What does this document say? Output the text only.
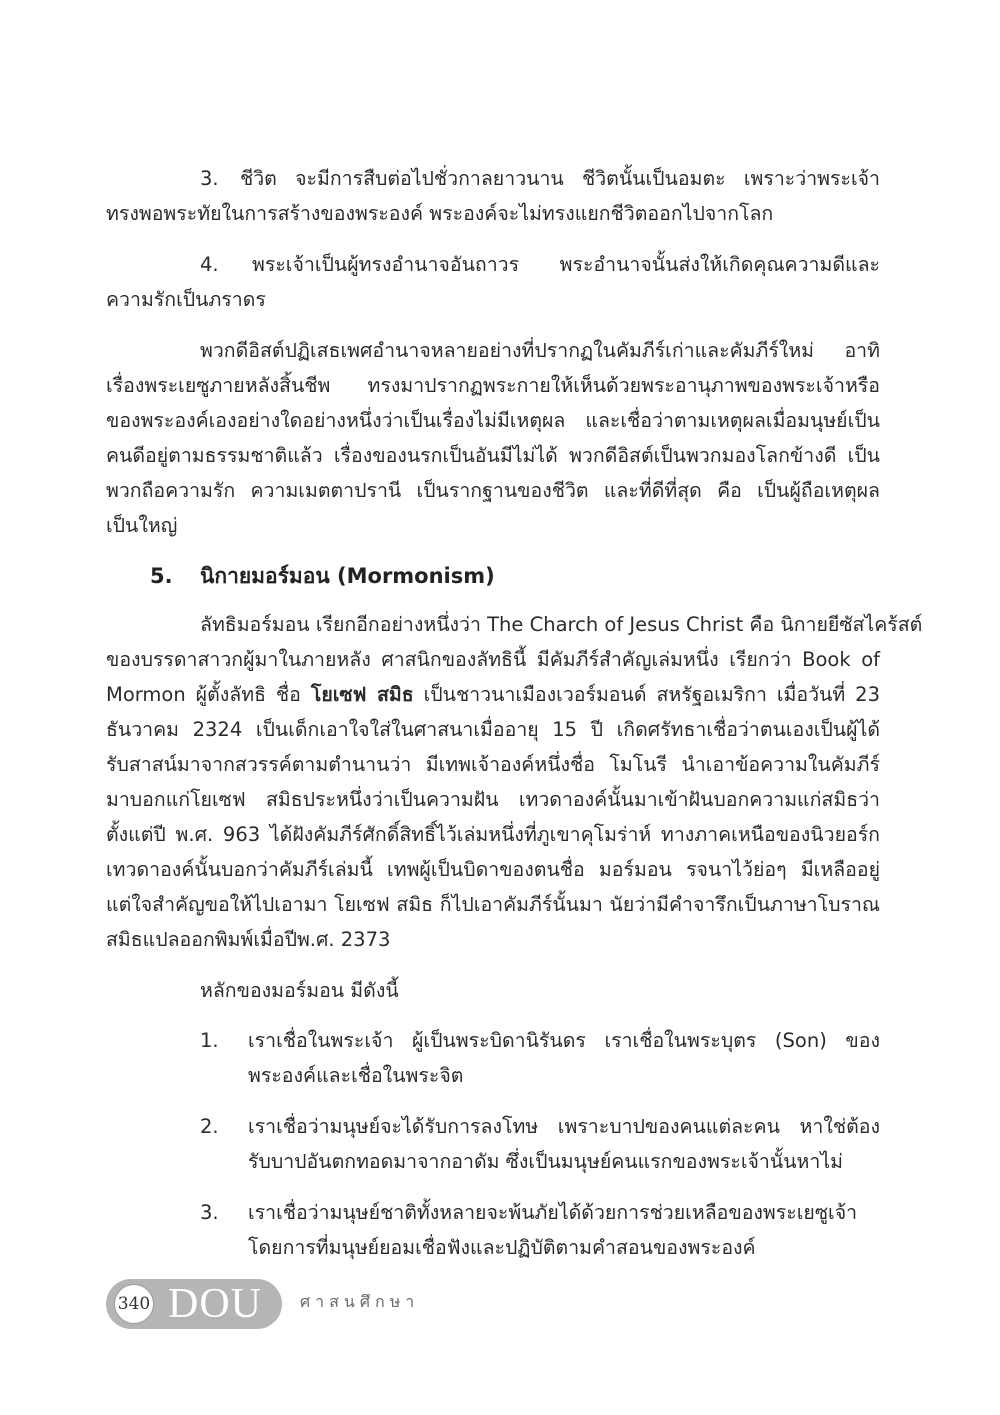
3. ชีวิต จะมีการสืบต่อไปชั่วกาลยาวนาน ชีวิตนั้นเป็นอมตะ เพราะว่าพระเจ้า
ทรงพอพระทัยในการสร้างของพระองค์ พระองค์จะไม่ทรงแยกชีวิตออกไปจากโลก
4. พระเจ้าเป็นผู้ทรงอำนาจอันถาวร พระอำนาจนั้นส่งให้เกิดคุณความดีและ
ความรักเป็นภราดร
พวกดีอิสต์ปฏิเสธเพศอำนาจหลายอย่างที่ปรากฏในคัมภีร์เก่าและคัมภีร์ใหม่ อาทิ
เรื่องพระเยซูภายหลังสิ้นชีพ ทรงมาปรากฏพระกายให้เห็นด้วยพระอานุภาพของพระเจ้าหรือ
ของพระองค์เองอย่างใดอย่างหนึ่งว่าเป็นเรื่องไม่มีเหตุผล และเชื่อว่าตามเหตุผลเมื่อมนุษย์เป็น
คนดีอยู่ตามธรรมชาติแล้ว เรื่องของนรกเป็นอันมีไม่ได้ พวกดีอิสต์เป็นพวกมองโลกข้างดี เป็น
พวกถือความรัก ความเมตตาปรานี เป็นรากฐานของชีวิต และที่ดีที่สุด คือ เป็นผู้ถือเหตุผล
เป็นใหญ่
5. นิกายมอร์มอน (Mormonism)
ลัทธิมอร์มอน เรียกอีกอย่างหนึ่งว่า The Charch of Jesus Christ คือ นิกายยีซัสไคร้สต์
ของบรรดาสาวกผู้มาในภายหลัง ศาสนิกของลัทธินี้ มีคัมภีร์สำคัญเล่มหนึ่ง เรียกว่า Book of
Mormon ผู้ตั้งลัทธิ ชื่อ โยเซฟ สมิธ เป็นชาวนาเมืองเวอร์มอนด์ สหรัฐอเมริกา เมื่อวันที่ 23
ธันวาคม 2324 เป็นเด็กเอาใจใส่ในศาสนาเมื่ออายุ 15 ปี เกิดศรัทธาเชื่อว่าตนเองเป็นผู้ได้
รับสาสน์มาจากสวรรค์ตามตำนานว่า มีเทพเจ้าองค์หนึ่งชื่อ โมโนรี นำเอาข้อความในคัมภีร์
มาบอกแก่โยเซฟ สมิธประหนึ่งว่าเป็นความฝัน เทวดาองค์นั้นมาเข้าฝันบอกความแก่สมิธว่า
ตั้งแต่ปี พ.ศ. 963 ได้ฝังคัมภีร์ศักดิ์สิทธิ์ไว้เล่มหนึ่งที่ภูเขาคุโมร่าห์ ทางภาคเหนือของนิวยอร์ก
เทวดาองค์นั้นบอกว่าคัมภีร์เล่มนี้ เทพผู้เป็นบิดาของตนชื่อ มอร์มอน รจนาไว้ย่อๆ มีเหลืออยู่
แต่ใจสำคัญขอให้ไปเอามา โยเซฟ สมิธ ก็ไปเอาคัมภีร์นั้นมา นัยว่ามีคำจารึกเป็นภาษาโบราณ
สมิธแปลออกพิมพ์เมื่อปีพ.ศ. 2373
หลักของมอร์มอน มีดังนี้
1. เราเชื่อในพระเจ้า ผู้เป็นพระบิดานิรันดร เราเชื่อในพระบุตร (Son) ของ
พระองค์และเชื่อในพระจิต
2. เราเชื่อว่ามนุษย์จะได้รับการลงโทษ เพราะบาปของคนแต่ละคน หาใช่ต้อง
รับบาปอันตกทอดมาจากอาดัม ซึ่งเป็นมนุษย์คนแรกของพระเจ้านั้นหาไม่
3. เราเชื่อว่ามนุษย์ชาติทั้งหลายจะพ้นภัยได้ด้วยการช่วยเหลือของพระเยซูเจ้า
โดยการที่มนุษย์ยอมเชื่อฟังและปฏิบัติตามคำสอนของพระองค์
340 DOU ศาสนศึกษา
